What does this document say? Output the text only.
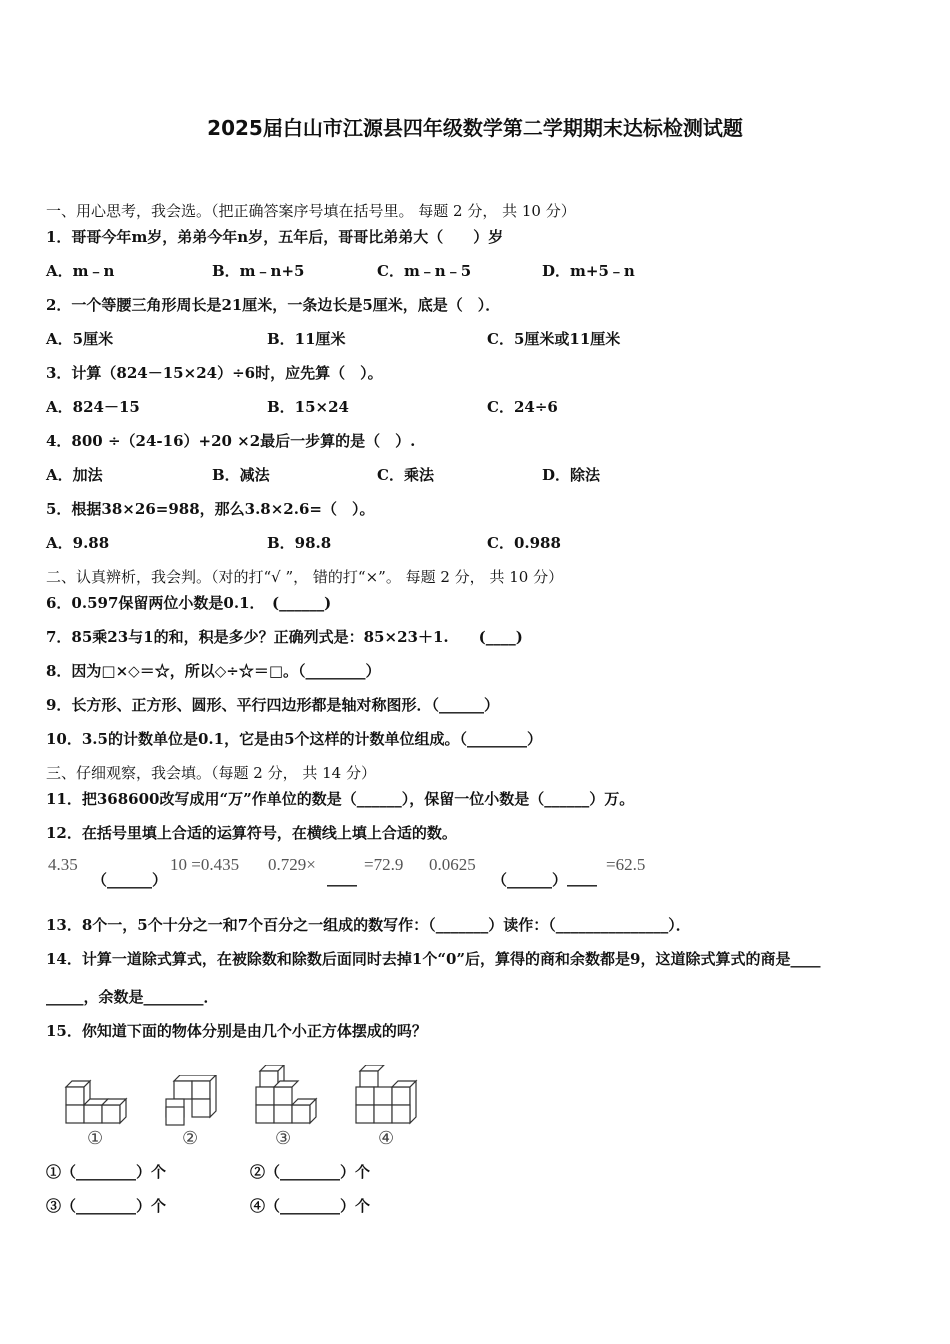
2025届白山市江源县四年级数学第二学期期末达标检测试题
一、用心思考，我会选。（把正确答案序号填在括号里。 每题 2 分， 共 10 分）
1．哥哥今年m岁，弟弟今年n岁，五年后，哥哥比弟弟大（　　）岁
A．m﹣n	B．m﹣n+5	C．m﹣n﹣5	D．m+5﹣n
2．一个等腰三角形周长是21厘米，一条边长是5厘米，底是（　）．
A．5厘米	B．11厘米	C．5厘米或11厘米
3．计算（824－15×24）÷6时，应先算（　）。
A．824－15	B．15×24	C．24÷6
4．800 ÷（24-16）+20 ×2最后一步算的是（　）.
A．加法	B．减法	C．乘法	D．除法
5．根据38×26=988，那么3.8×2.6=（　）。
A．9.88	B．98.8	C．0.988
二、认真辨析，我会判。（对的打“√ ”， 错的打“×”。 每题 2 分， 共 10 分）
6．0.597保留两位小数是0.1．　(______)
7．85乘23与1的和，积是多少？正确列式是：85×23＋1.　　(____)
8．因为□×◇＝☆，所以◇÷☆＝□。（________）
9．长方形、正方形、圆形、平行四边形都是轴对称图形．（______）
10．3.5的计数单位是0.1，它是由5个这样的计数单位组成。（________）
三、仔细观察，我会填。（每题 2 分， 共 14 分）
11．把368600改写成用“万”作单位的数是（______），保留一位小数是（______）万。
12．在括号里填上合适的运算符号，在横线上填上合适的数。
4.35
（______）
10 =0.435 0.729×
____
=72.9 0.0625
（______） ____
=62.5
13．8个一，5个十分之一和7个百分之一组成的数写作：（_______）读作：（_______________）．
14．计算一道除式算式，在被除数和除数后面同时去掉1个“0”后，算得的商和余数都是9，这道除式算式的商是____
_____，余数是________．
15．你知道下面的物体分别是由几个小正方体摆成的吗？
①	②	③	④
①（________）个	②（________）个
③（________）个	④（________）个
